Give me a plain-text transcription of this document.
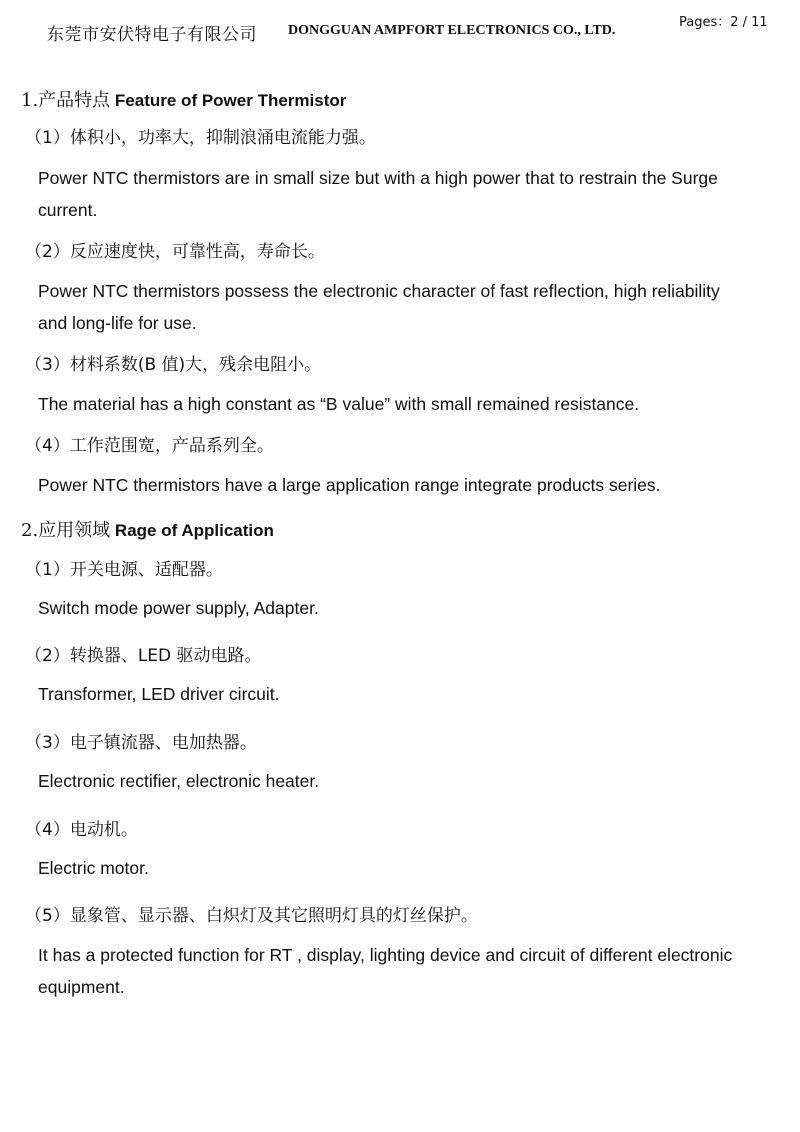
东莞市安伏特电子有限公司 DONGGUAN AMPFORT ELECTRONICS CO., LTD.
Pages：2 / 11
1.产品特点 Feature of Power Thermistor
（1）体积小，功率大，抑制浪涌电流能力强。
Power NTC thermistors are in small size but with a high power that to restrain the Surge current.
（2）反应速度快，可靠性高，寿命长。
Power NTC thermistors possess the electronic character of fast reflection, high reliability and long-life for use.
（3）材料系数(B 值)大，残余电阻小。
The material has a high constant as “B value” with small remained resistance.
（4）工作范围宽，产品系列全。
Power NTC thermistors have a large application range integrate products series.
2.应用领域 Rage of Application
（1）开关电源、适配器。
Switch mode power supply, Adapter.
（2）转换器、LED 驱动电路。
Transformer, LED driver circuit.
（3）电子镇流器、电加热器。
Electronic rectifier, electronic heater.
（4）电动机。
Electric motor.
（5）显象管、显示器、白炽灯及其它照明灯具的灯丝保护。
It has a protected function for RT , display, lighting device and circuit of different electronic equipment.
